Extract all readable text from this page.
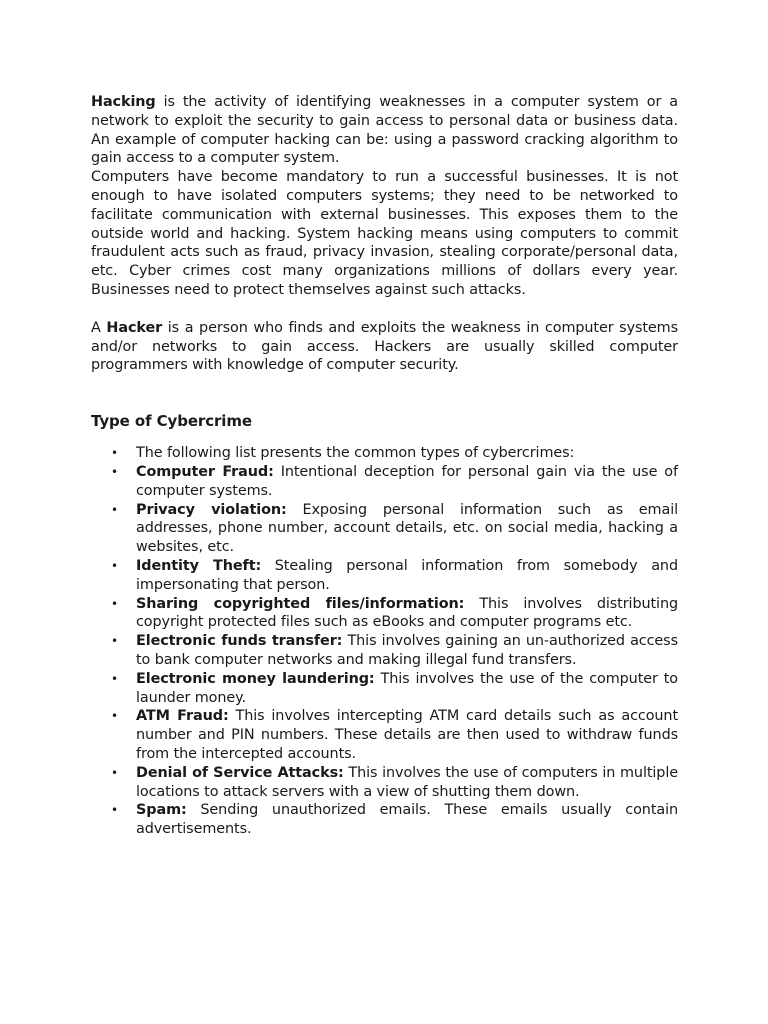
Hacking is the activity of identifying weaknesses in a computer system or a network to exploit the security to gain access to personal data or business data. An example of computer hacking can be: using a password cracking algorithm to gain access to a computer system.

Computers have become mandatory to run a successful businesses. It is not enough to have isolated computers systems; they need to be networked to facilitate communication with external businesses. This exposes them to the outside world and hacking. System hacking means using computers to commit fraudulent acts such as fraud, privacy invasion, stealing corporate/personal data, etc. Cyber crimes cost many organizations millions of dollars every year. Businesses need to protect themselves against such attacks.

A Hacker is a person who finds and exploits the weakness in computer systems and/or networks to gain access. Hackers are usually skilled computer programmers with knowledge of computer security.

Type of Cybercrime
• The following list presents the common types of cybercrimes:
• Computer Fraud: Intentional deception for personal gain via the use of computer systems.
• Privacy violation: Exposing personal information such as email addresses, phone number, account details, etc. on social media, hacking a websites, etc.
• Identity Theft: Stealing personal information from somebody and impersonating that person.
• Sharing copyrighted files/information: This involves distributing copyright protected files such as eBooks and computer programs etc.
• Electronic funds transfer: This involves gaining an un-authorized access to bank computer networks and making illegal fund transfers.
• Electronic money laundering: This involves the use of the computer to launder money.
• ATM Fraud: This involves intercepting ATM card details such as account number and PIN numbers. These details are then used to withdraw funds from the intercepted accounts.
• Denial of Service Attacks: This involves the use of computers in multiple locations to attack servers with a view of shutting them down.
• Spam: Sending unauthorized emails. These emails usually contain advertisements.
